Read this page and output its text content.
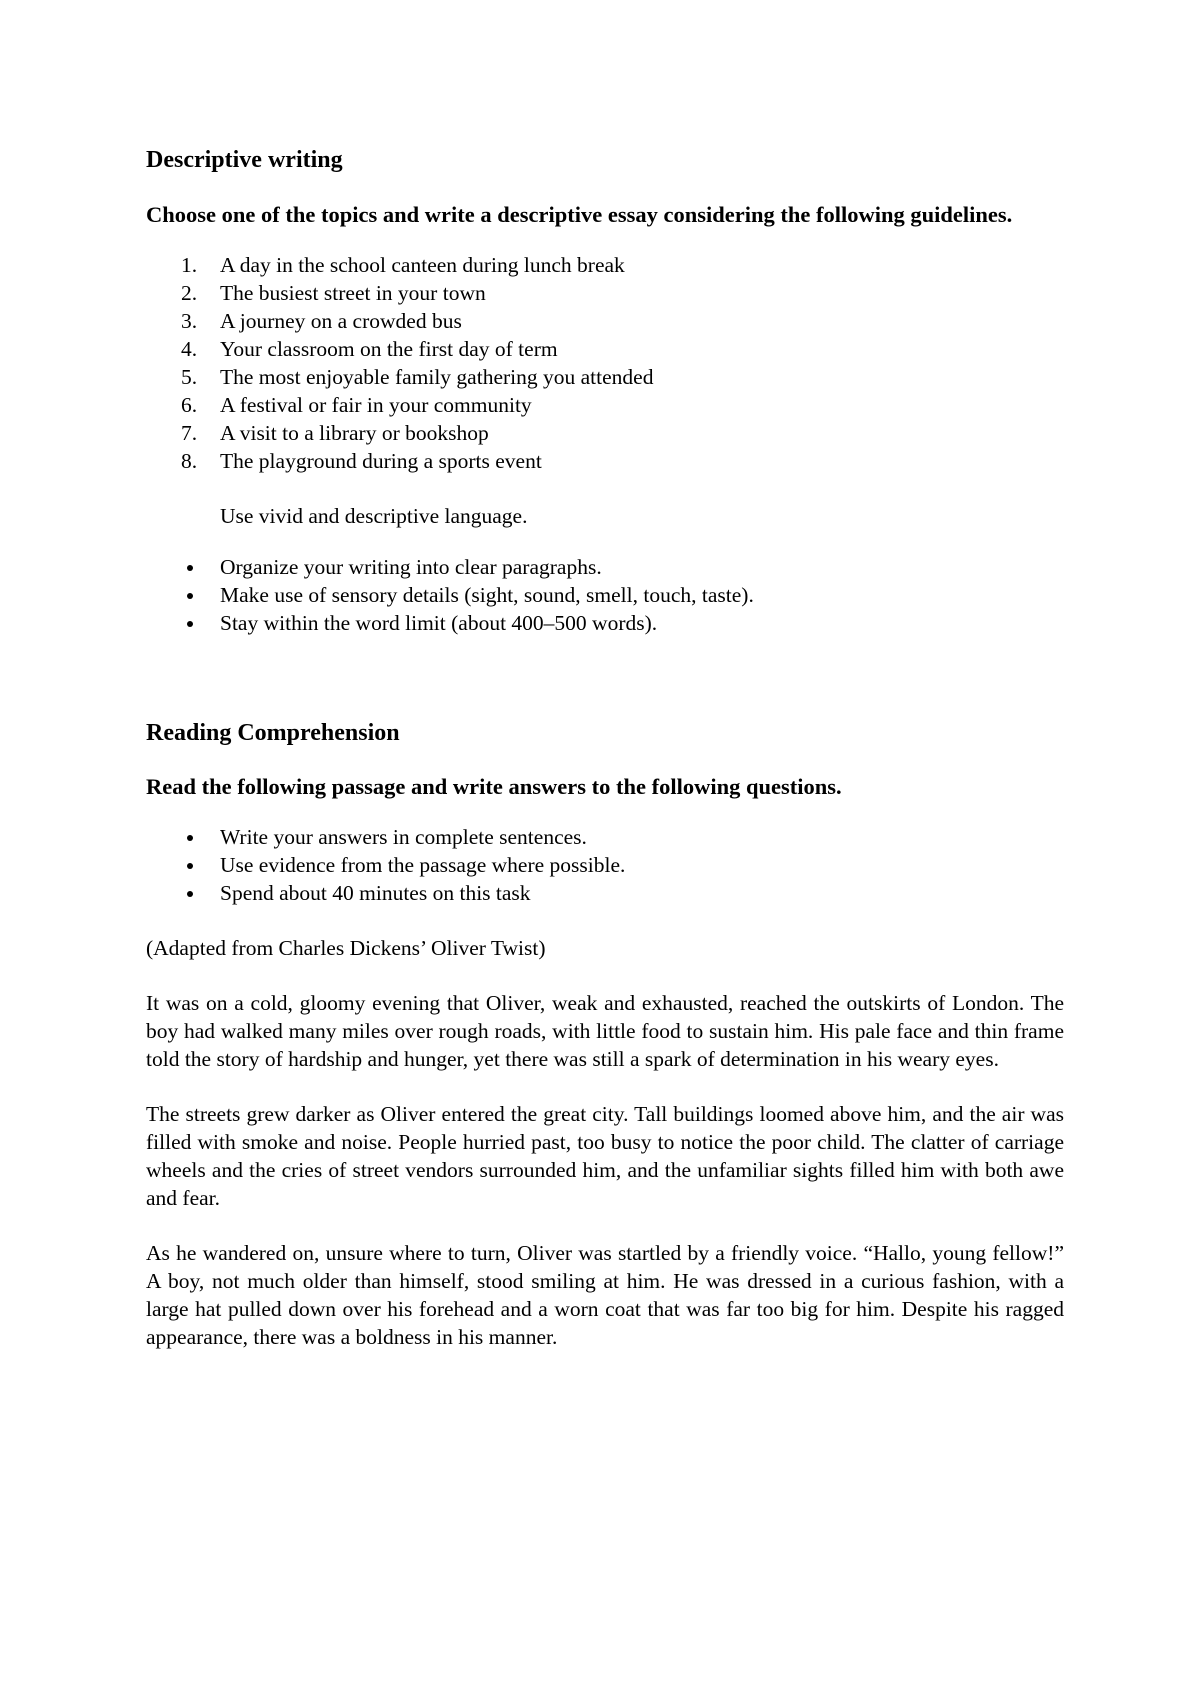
Descriptive writing

Choose one of the topics and write a descriptive essay considering the following guidelines.

1. A day in the school canteen during lunch break
2. The busiest street in your town
3. A journey on a crowded bus
4. Your classroom on the first day of term
5. The most enjoyable family gathering you attended
6. A festival or fair in your community
7. A visit to a library or bookshop
8. The playground during a sports event

Use vivid and descriptive language.

Organize your writing into clear paragraphs.
Make use of sensory details (sight, sound, smell, touch, taste).
Stay within the word limit (about 400–500 words).
Reading Comprehension

Read the following passage and write answers to the following questions.

Write your answers in complete sentences.
Use evidence from the passage where possible.
Spend about 40 minutes on this task

(Adapted from Charles Dickens’ Oliver Twist)

It was on a cold, gloomy evening that Oliver, weak and exhausted, reached the outskirts of London. The boy had walked many miles over rough roads, with little food to sustain him. His pale face and thin frame told the story of hardship and hunger, yet there was still a spark of determination in his weary eyes.

The streets grew darker as Oliver entered the great city. Tall buildings loomed above him, and the air was filled with smoke and noise. People hurried past, too busy to notice the poor child. The clatter of carriage wheels and the cries of street vendors surrounded him, and the unfamiliar sights filled him with both awe and fear.

As he wandered on, unsure where to turn, Oliver was startled by a friendly voice. “Hallo, young fellow!” A boy, not much older than himself, stood smiling at him. He was dressed in a curious fashion, with a large hat pulled down over his forehead and a worn coat that was far too big for him. Despite his ragged appearance, there was a boldness in his manner.
